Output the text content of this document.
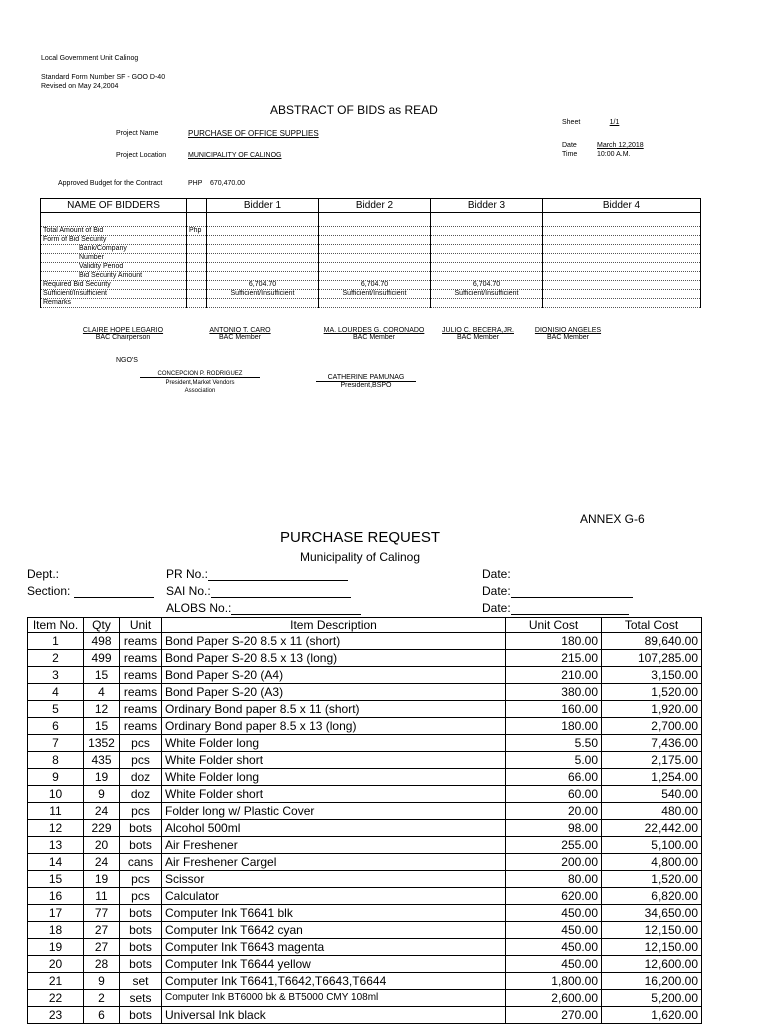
Local Government Unit Calinog
Standard Form Number SF - GOO D-40
Revised on May 24,2004
ABSTRACT OF BIDS as READ
Sheet	1/1
Project Name	PURCHASE OF OFFICE SUPPLIES
Date	March 12,2018
Time	10:00 A.M.
Project Location	MUNICIPALITY OF CALINOG
Approved Budget for the Contract	PHP 670,470.00
NAME OF BIDDERS		Bidder 1	Bidder 2	Bidder 3	Bidder 4

Total Amount of Bid	Php				
Form of Bid Security					
Bank/Company					
Number					
Validity Period					
Bid Security Amount					
Required Bid Security		6,704.70	6,704.70	6,704.70	
Sufficient/Insufficient		Sufficient/Insufficient	Sufficient/Insufficient	Sufficient/Insufficient	
Remarks					
CLAIRE HOPE LEGARIO
BAC Chairperson
ANTONIO T. CARO
BAC Member
MA. LOURDES G. CORONADO
BAC Member
JULIO C. BECERA,JR.
BAC Member
DIONISIO ANGELES
BAC Member
NGO'S
CONCEPCION P. RODRIGUEZ
President,Market Vendors
Association
CATHERINE PAMUNAG
President,BSPO
ANNEX G-6
PURCHASE REQUEST
Municipality of Calinog
Dept.:
Section:
PR No.:
SAI No.:
ALOBS No.:
Date:
Date:
Date:
Item No.	Qty	Unit	Item Description	Unit Cost	Total Cost
1	498	reams	Bond Paper S-20 8.5 x 11 (short)	180.00	89,640.00
2	499	reams	Bond Paper S-20 8.5 x 13 (long)	215.00	107,285.00
3	15	reams	Bond Paper S-20 (A4)	210.00	3,150.00
4	4	reams	Bond Paper S-20 (A3)	380.00	1,520.00
5	12	reams	Ordinary Bond paper 8.5 x 11 (short)	160.00	1,920.00
6	15	reams	Ordinary Bond paper 8.5 x 13 (long)	180.00	2,700.00
7	1352	pcs	White Folder long	5.50	7,436.00
8	435	pcs	White Folder short	5.00	2,175.00
9	19	doz	White Folder long	66.00	1,254.00
10	9	doz	White Folder short	60.00	540.00
11	24	pcs	Folder long w/ Plastic Cover	20.00	480.00
12	229	bots	Alcohol 500ml	98.00	22,442.00
13	20	bots	Air Freshener	255.00	5,100.00
14	24	cans	Air Freshener Cargel	200.00	4,800.00
15	19	pcs	Scissor	80.00	1,520.00
16	11	pcs	Calculator	620.00	6,820.00
17	77	bots	Computer Ink T6641 blk	450.00	34,650.00
18	27	bots	Computer Ink T6642 cyan	450.00	12,150.00
19	27	bots	Computer Ink T6643 magenta	450.00	12,150.00
20	28	bots	Computer Ink T6644 yellow	450.00	12,600.00
21	9	set	Computer Ink T6641,T6642,T6643,T6644	1,800.00	16,200.00
22	2	sets	Computer Ink BT6000 bk & BT5000 CMY 108ml	2,600.00	5,200.00
23	6	bots	Universal Ink black	270.00	1,620.00
